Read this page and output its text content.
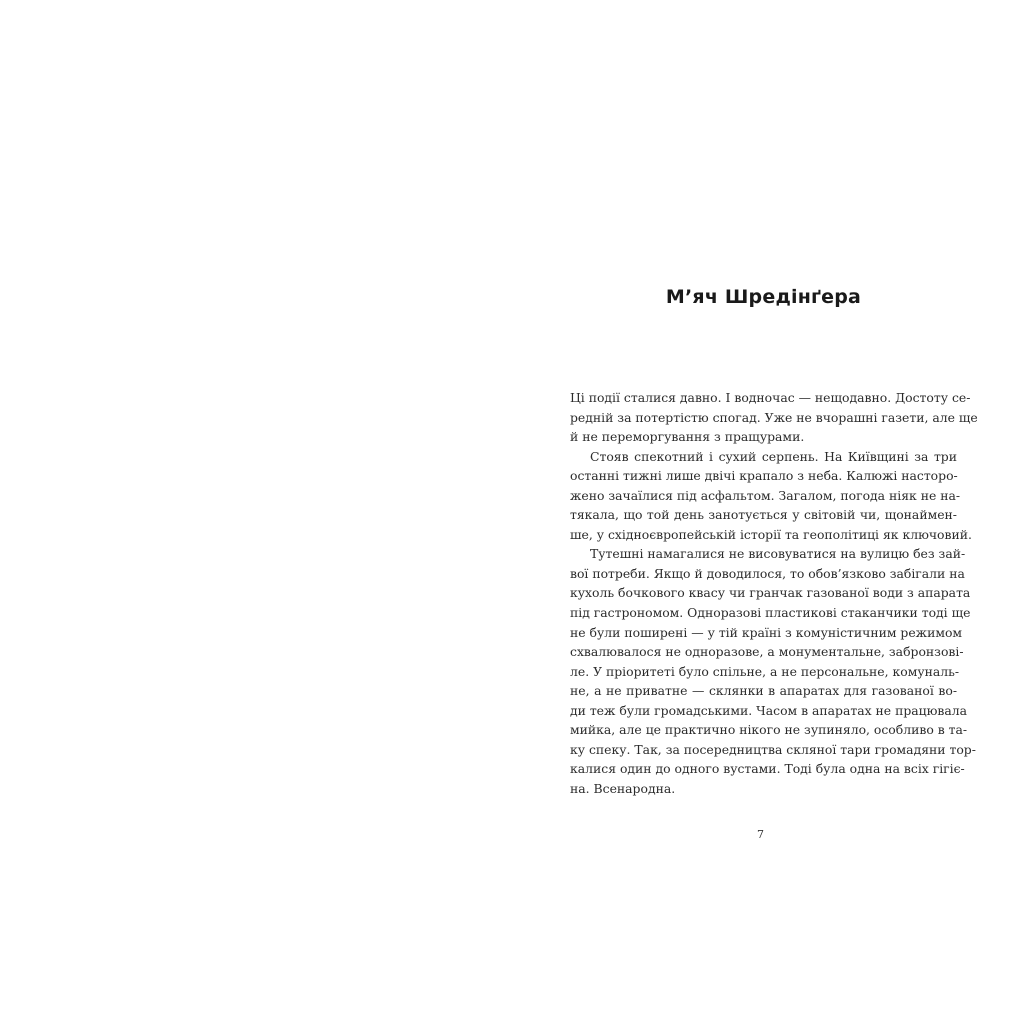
М’яч Шредінґера
Ці події сталися давно. І водночас — нещодавно. Достоту се-
редній за потертістю спогад. Уже не вчорашні газети, але ще
й не переморгування з пращурами.
Стояв спекотний і сухий серпень. На Київщині за три
останні тижні лише двічі крапало з неба. Калюжі насторо-
жено зачаїлися під асфальтом. Загалом, погода ніяк не на-
тякала, що той день занотується у світовій чи, щонаймен-
ше, у східноєвропейській історії та геополітиці як ключовий.
Тутешні намагалися не висовуватися на вулицю без зай-
вої потреби. Якщо й доводилося, то обов’язково забігали на
кухоль бочкового квасу чи гранчак газованої води з апарата
під гастрономом. Одноразові пластикові стаканчики тоді ще
не були поширені — у тій країні з комуністичним режимом
схвалювалося не одноразове, а монументальне, забронзові-
ле. У пріоритеті було спільне, а не персональне, комуналь-
не, а не приватне — склянки в апаратах для газованої во-
ди теж були громадськими. Часом в апаратах не працювала
мийка, але це практично нікого не зупиняло, особливо в та-
ку спеку. Так, за посередництва скляної тари громадяни тор-
калися один до одного вустами. Тоді була одна на всіх гігіє-
на. Всенародна.
7
